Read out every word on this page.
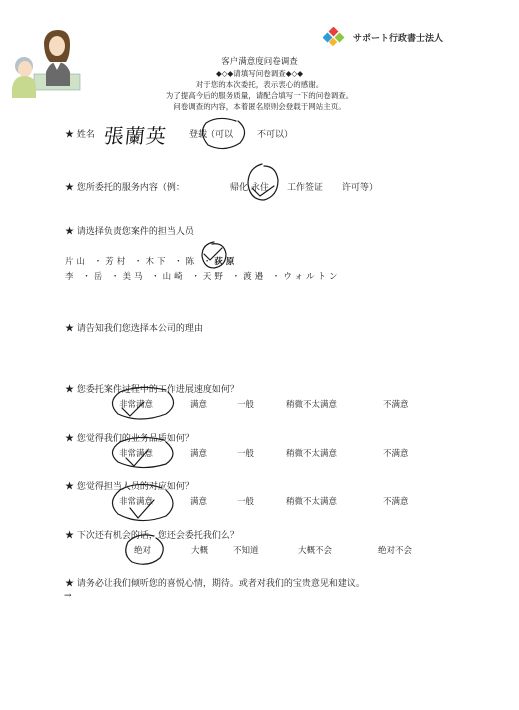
サポート行政書士法人
客户满意度问卷调查
◆◇◆请填写问卷调查◆◇◆
对于您的本次委托，表示衷心的感谢。
为了提高今后的服务质量，请配合填写一下的问卷调查。
问卷调查的内容，本着匿名原则会登载于网站主页。
★ 姓名 張蘭英 登载
（可以	不可以）
★ 您所委托的服务内容（例：	帰化 永住 工作签证 许可等）
★ 请选择负责您案件的担当人员
片山 ・芳村 ・木下 ・陈 ・荻原
李 ・岳 ・美马 ・山崎 ・天野 ・渡邉 ・ウォルトン
★ 请告知我们您选择本公司的理由
★ 您委托案件过程中的工作进展速度如何？
非常满意	满意	一般	稍微不太满意	不满意
★ 您觉得我们的业务品质如何？
非常满意	满意	一般	稍微不太满意	不满意
★ 您觉得担当人员的对应如何？
非常满意	满意	一般	稍微不太满意	不满意
★ 下次还有机会的话，您还会委托我们么？
绝对	大概	不知道	大概不会	绝对不会
★ 请务必让我们倾听您的喜悦心情，期待。或者对我们的宝贵意见和建议。
→
